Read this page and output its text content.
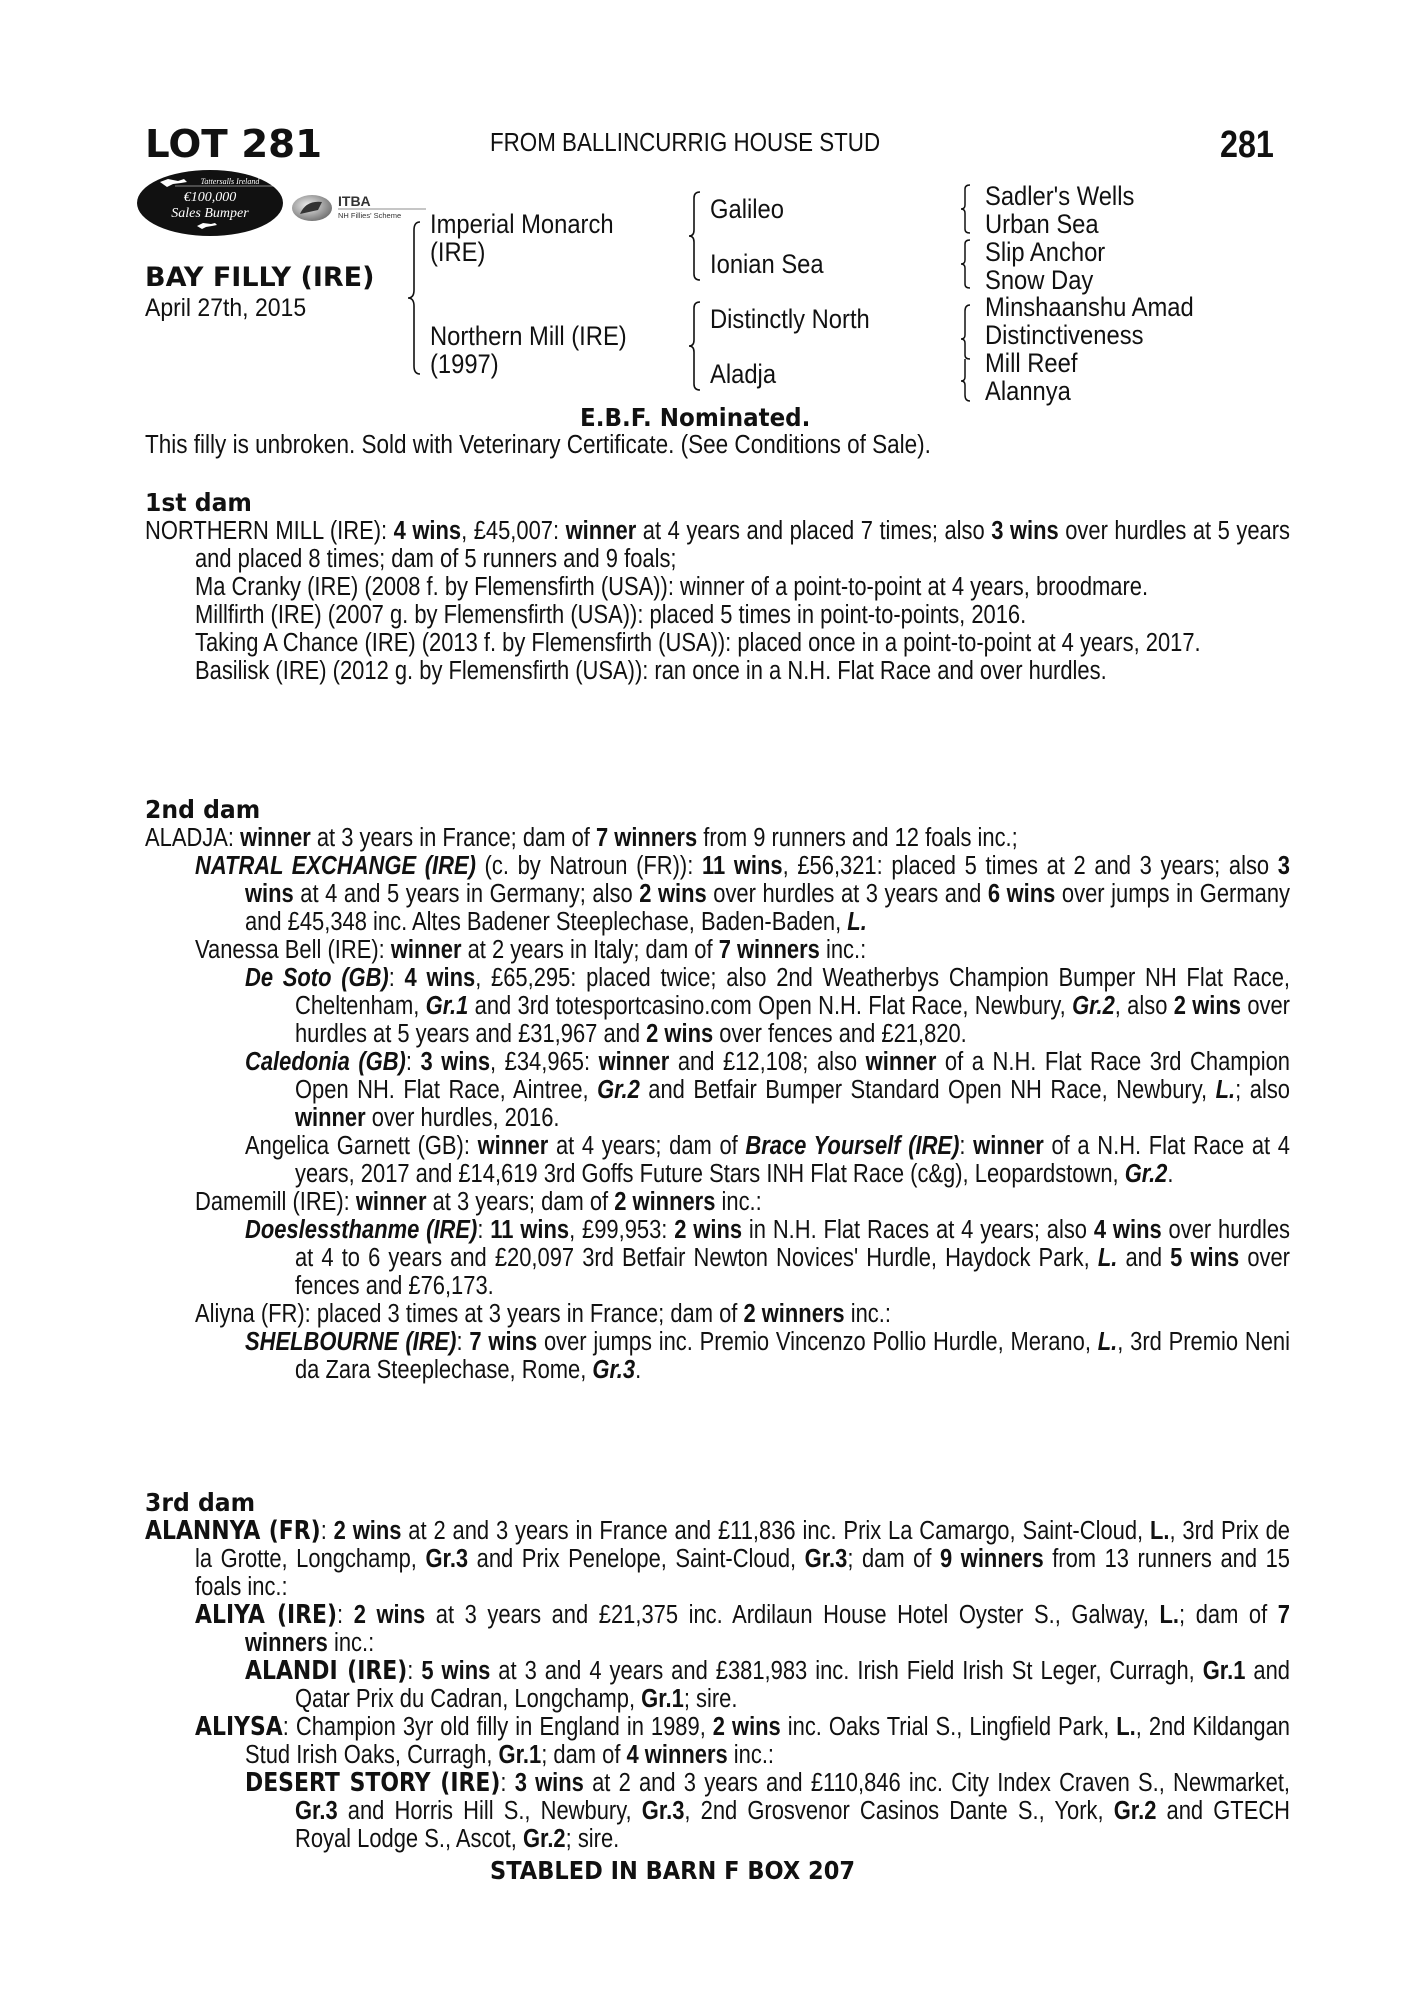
LOT 281	FROM BALLINCURRIG HOUSE STUD	281
Tattersalls Ireland
€100,000
Sales Bumper
ITBA
NH Fillies' Scheme
BAY FILLY (IRE)
April 27th, 2015
Imperial Monarch
(IRE)
Northern Mill (IRE)
(1997)
Galileo
Ionian Sea
Distinctly North
Aladja
Sadler's Wells
Urban Sea
Slip Anchor
Snow Day
Minshaanshu Amad
Distinctiveness
Mill Reef
Alannya
E.B.F. Nominated.
This filly is unbroken. Sold with Veterinary Certificate. (See Conditions of Sale).
1st dam
NORTHERN MILL (IRE): 4 wins, £45,007: winner at 4 years and placed 7 times; also 3 wins over hurdles at 5 years and placed 8 times; dam of 5 runners and 9 foals;
Ma Cranky (IRE) (2008 f. by Flemensfirth (USA)): winner of a point-to-point at 4 years, broodmare.
Millfirth (IRE) (2007 g. by Flemensfirth (USA)): placed 5 times in point-to-points, 2016.
Taking A Chance (IRE) (2013 f. by Flemensfirth (USA)): placed once in a point-to-point at 4 years, 2017.
Basilisk (IRE) (2012 g. by Flemensfirth (USA)): ran once in a N.H. Flat Race and over hurdles.
2nd dam
ALADJA: winner at 3 years in France; dam of 7 winners from 9 runners and 12 foals inc.;
NATRAL EXCHANGE (IRE) (c. by Natroun (FR)): 11 wins, £56,321: placed 5 times at 2 and 3 years; also 3 wins at 4 and 5 years in Germany; also 2 wins over hurdles at 3 years and 6 wins over jumps in Germany and £45,348 inc. Altes Badener Steeplechase, Baden-Baden, L.
Vanessa Bell (IRE): winner at 2 years in Italy; dam of 7 winners inc.:
De Soto (GB): 4 wins, £65,295: placed twice; also 2nd Weatherbys Champion Bumper NH Flat Race, Cheltenham, Gr.1 and 3rd totesportcasino.com Open N.H. Flat Race, Newbury, Gr.2, also 2 wins over hurdles at 5 years and £31,967 and 2 wins over fences and £21,820.
Caledonia (GB): 3 wins, £34,965: winner and £12,108; also winner of a N.H. Flat Race 3rd Champion Open NH. Flat Race, Aintree, Gr.2 and Betfair Bumper Standard Open NH Race, Newbury, L.; also winner over hurdles, 2016.
Angelica Garnett (GB): winner at 4 years; dam of Brace Yourself (IRE): winner of a N.H. Flat Race at 4 years, 2017 and £14,619 3rd Goffs Future Stars INH Flat Race (c&g), Leopardstown, Gr.2.
Damemill (IRE): winner at 3 years; dam of 2 winners inc.:
Doeslessthanme (IRE): 11 wins, £99,953: 2 wins in N.H. Flat Races at 4 years; also 4 wins over hurdles at 4 to 6 years and £20,097 3rd Betfair Newton Novices' Hurdle, Haydock Park, L. and 5 wins over fences and £76,173.
Aliyna (FR): placed 3 times at 3 years in France; dam of 2 winners inc.:
SHELBOURNE (IRE): 7 wins over jumps inc. Premio Vincenzo Pollio Hurdle, Merano, L., 3rd Premio Neni da Zara Steeplechase, Rome, Gr.3.
3rd dam
ALANNYA (FR): 2 wins at 2 and 3 years in France and £11,836 inc. Prix La Camargo, Saint-Cloud, L., 3rd Prix de la Grotte, Longchamp, Gr.3 and Prix Penelope, Saint-Cloud, Gr.3; dam of 9 winners from 13 runners and 15 foals inc.:
ALIYA (IRE): 2 wins at 3 years and £21,375 inc. Ardilaun House Hotel Oyster S., Galway, L.; dam of 7 winners inc.:
ALANDI (IRE): 5 wins at 3 and 4 years and £381,983 inc. Irish Field Irish St Leger, Curragh, Gr.1 and Qatar Prix du Cadran, Longchamp, Gr.1; sire.
ALIYSA: Champion 3yr old filly in England in 1989, 2 wins inc. Oaks Trial S., Lingfield Park, L., 2nd Kildangan Stud Irish Oaks, Curragh, Gr.1; dam of 4 winners inc.:
DESERT STORY (IRE): 3 wins at 2 and 3 years and £110,846 inc. City Index Craven S., Newmarket, Gr.3 and Horris Hill S., Newbury, Gr.3, 2nd Grosvenor Casinos Dante S., York, Gr.2 and GTECH Royal Lodge S., Ascot, Gr.2; sire.
STABLED IN BARN F BOX 207
